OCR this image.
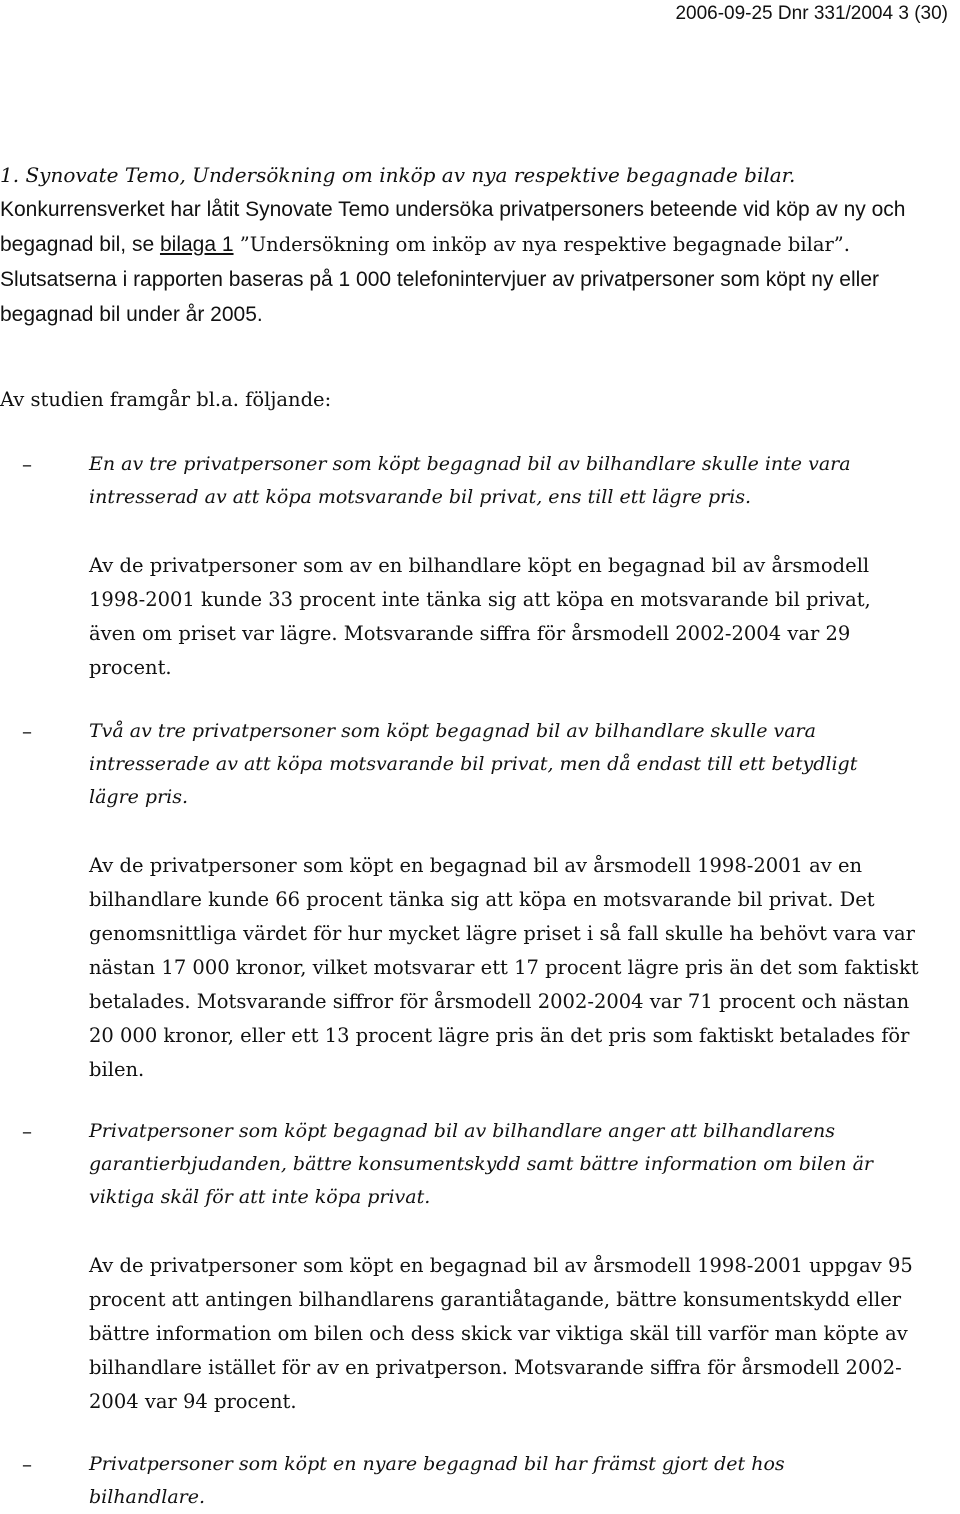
2006-09-25 Dnr 331/2004 3 (30)
1. Synovate Temo, Undersökning om inköp av nya respektive begagnade bilar.
Konkurrensverket har låtit Synovate Temo undersöka privatpersoners beteende vid köp av ny och begagnad bil, se bilaga 1 ”Undersökning om inköp av nya respektive begagnade bilar”. Slutsatserna i rapporten baseras på 1 000 telefonintervjuer av privatpersoner som köpt ny eller begagnad bil under år 2005.
Av studien framgår bl.a. följande:
–	En av tre privatpersoner som köpt begagnad bil av bilhandlare skulle inte vara intresserad av att köpa motsvarande bil privat, ens till ett lägre pris.
Av de privatpersoner som av en bilhandlare köpt en begagnad bil av årsmodell 1998-2001 kunde 33 procent inte tänka sig att köpa en motsvarande bil privat, även om priset var lägre. Motsvarande siffra för årsmodell 2002-2004 var 29 procent.
–	Två av tre privatpersoner som köpt begagnad bil av bilhandlare skulle vara intresserade av att köpa motsvarande bil privat, men då endast till ett betydligt lägre pris.
Av de privatpersoner som köpt en begagnad bil av årsmodell 1998-2001 av en bilhandlare kunde 66 procent tänka sig att köpa en motsvarande bil privat. Det genomsnittliga värdet för hur mycket lägre priset i så fall skulle ha behövt vara var nästan 17 000 kronor, vilket motsvarar ett 17 procent lägre pris än det som faktiskt betalades. Motsvarande siffror för årsmodell 2002-2004 var 71 procent och nästan 20 000 kronor, eller ett 13 procent lägre pris än det pris som faktiskt betalades för bilen.
–	Privatpersoner som köpt begagnad bil av bilhandlare anger att bilhandlarens garantierbjudanden, bättre konsumentskydd samt bättre information om bilen är viktiga skäl för att inte köpa privat.
Av de privatpersoner som köpt en begagnad bil av årsmodell 1998-2001 uppgav 95 procent att antingen bilhandlarens garantiåtagande, bättre konsumentskydd eller bättre information om bilen och dess skick var viktiga skäl till varför man köpte av bilhandlare istället för av en privatperson. Motsvarande siffra för årsmodell 2002-2004 var 94 procent.
–	Privatpersoner som köpt en nyare begagnad bil har främst gjort det hos bilhandlare.
